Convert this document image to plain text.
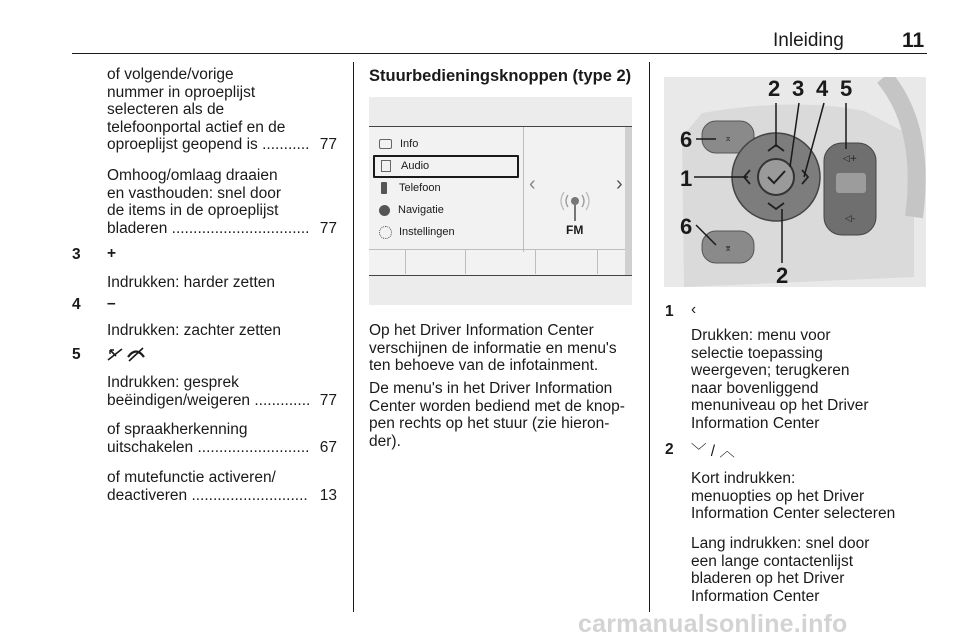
Inleiding	11
of volgende/vorige
nummer in oproeplijst
selecteren als de
telefoonportal actief en de
oproeplijst geopend is ........... 77
Omhoog/omlaag draaien
en vasthouden: snel door
de items in de oproeplijst
bladeren ................................ 77
3 +
Indrukken: harder zetten
4 –
Indrukken: zachter zetten
5
Indrukken: gesprek
beëindigen/weigeren ............. 77
of spraakherkenning
uitschakelen .......................... 67
of mutefunctie activeren/
deactiveren ........................... 13
Stuurbedieningsknoppen (type 2)
Info
Audio
Telefoon
Navigatie
Instellingen
‹	›
FM
Op het Driver Information Center
verschijnen de informatie en menu's
ten behoeve van de infotainment.
De menu's in het Driver Information
Center worden bediend met de knop-
pen rechts op het stuur (zie hieron-
der).
⌅
⌆
◁+
◁-
2 3 4 5
6
1
6
2
1 ‹
Drukken: menu voor
selectie toepassing
weergeven; terugkeren
naar bovenliggend
menuniveau op het Driver
Information Center
2 ﹀ / ︿
Kort indrukken:
menuopties op het Driver
Information Center selecteren
Lang indrukken: snel door
een lange contactenlijst
bladeren op het Driver
Information Center
carmanualsonline.info
